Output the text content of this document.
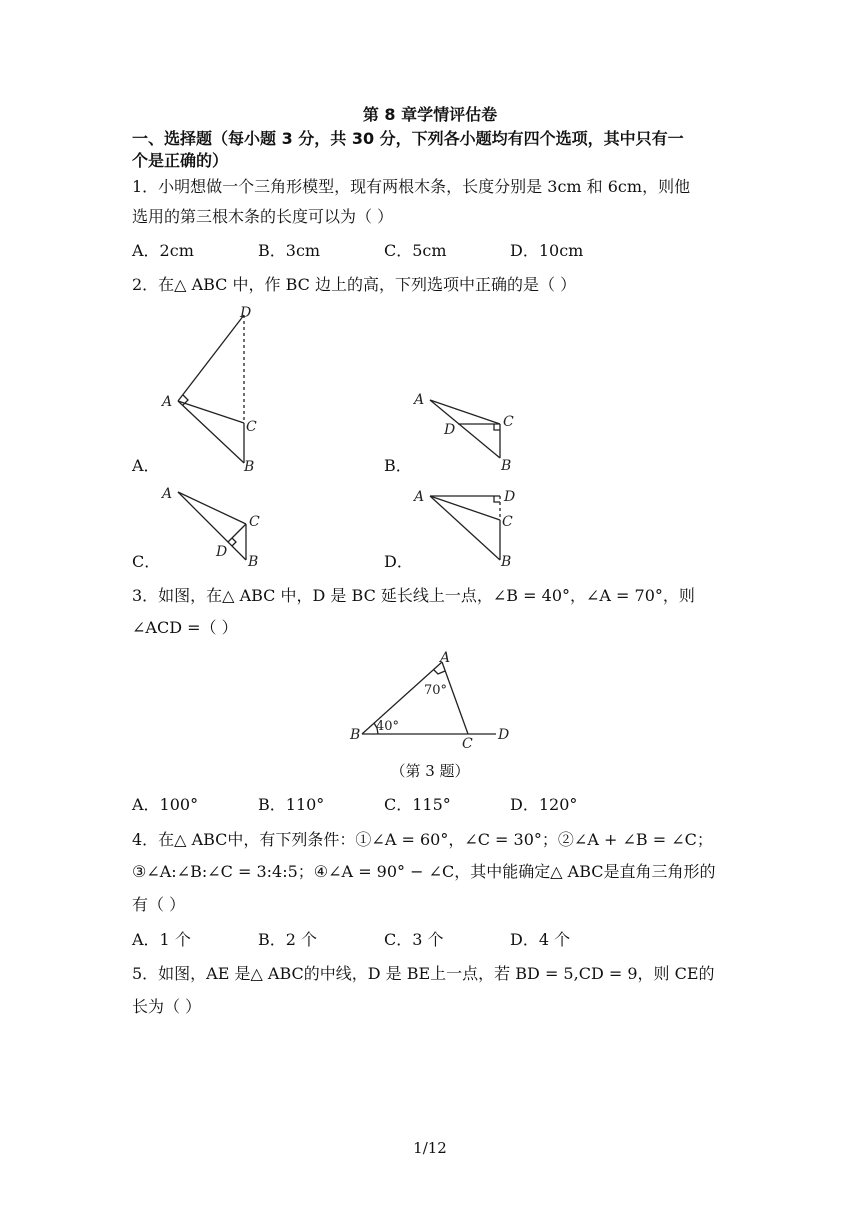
第 8 章学情评估卷
一、选择题（每小题 3 分，共 30 分，下列各小题均有四个选项，其中只有一
个是正确的）
1．小明想做一个三角形模型，现有两根木条，长度分别是 3cm 和 6cm，则他
选用的第三根木条的长度可以为（ ）
A．2cm	B．3cm	C．5cm	D．10cm
2．在△ ABC 中，作 BC 边上的高，下列选项中正确的是（ ）
D
A
C
B
A．
A
D	C
B
B．
A
C
D
B
C．
A	D
C
B
D．
3．如图，在△ ABC 中，D 是 BC 延长线上一点，∠B = 40°，∠A = 70°，则
∠ACD =（ ）
A
B
C
D
70°
40°
（第 3 题）
A．100°	B．110°	C．115°	D．120°
4．在△ ABC中，有下列条件：①∠A = 60°，∠C = 30°；②∠A + ∠B = ∠C；
③∠A:∠B:∠C = 3:4:5；④∠A = 90° − ∠C，其中能确定△ ABC是直角三角形的
有（ ）
A．1 个	B．2 个	C．3 个	D．4 个
5．如图，AE 是△ ABC的中线，D 是 BE上一点，若 BD = 5,CD = 9，则 CE的
长为（ ）
1/12
